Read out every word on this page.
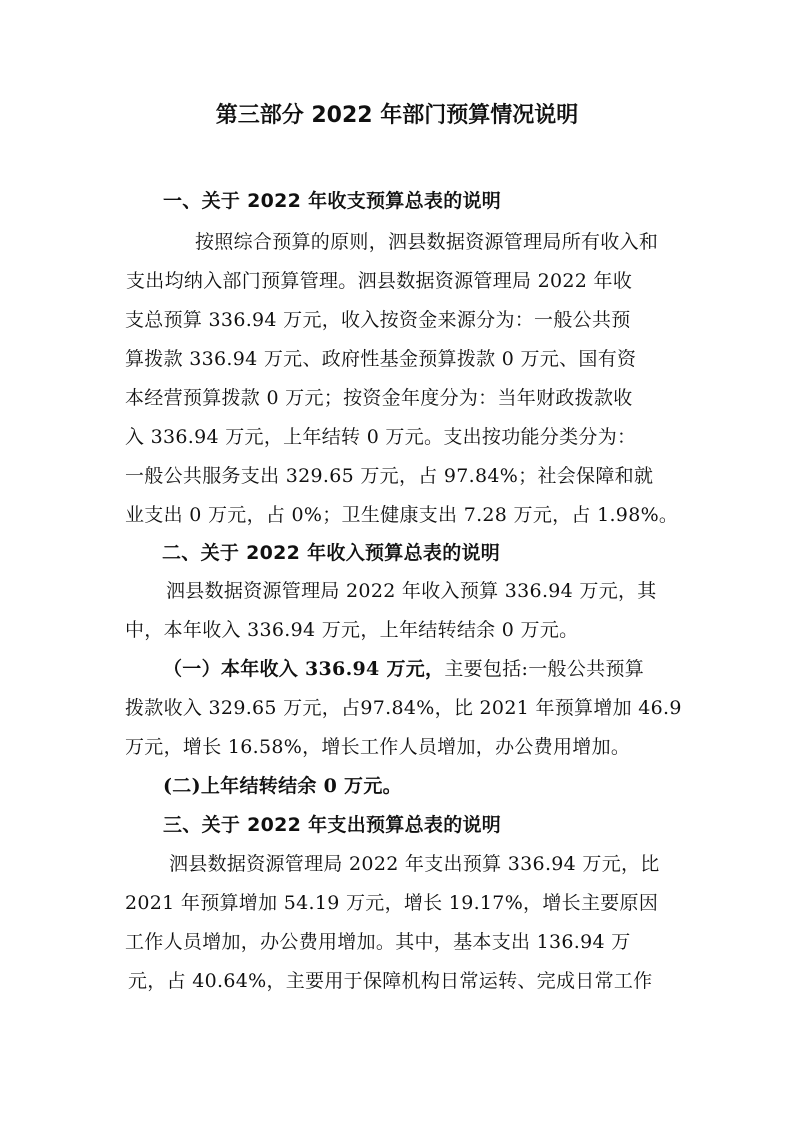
第三部分 2022 年部门预算情况说明
一、关于 2022 年收支预算总表的说明
按照综合预算的原则，泗县数据资源管理局所有收入和
支出均纳入部门预算管理。泗县数据资源管理局 2022 年收
支总预算 336.94 万元，收入按资金来源分为：一般公共预
算拨款 336.94 万元、政府性基金预算拨款 0 万元、国有资
本经营预算拨款 0 万元；按资金年度分为：当年财政拨款收
入 336.94 万元，上年结转 0 万元。支出按功能分类分为：
一般公共服务支出 329.65 万元，占 97.84%；社会保障和就
业支出 0 万元，占 0%；卫生健康支出 7.28 万元，占 1.98%。
二、关于 2022 年收入预算总表的说明
泗县数据资源管理局 2022 年收入预算 336.94 万元，其
中，本年收入 336.94 万元，上年结转结余 0 万元。
（一）本年收入 336.94 万元，主要包括:一般公共预算
拨款收入 329.65 万元，占97.84%，比 2021 年预算增加 46.9
万元，增长 16.58%，增长工作人员增加，办公费用增加。
(二)上年结转结余 0 万元。
三、关于 2022 年支出预算总表的说明
泗县数据资源管理局 2022 年支出预算 336.94 万元，比
2021 年预算增加 54.19 万元，增长 19.17%，增长主要原因
工作人员增加，办公费用增加。其中，基本支出 136.94 万
元，占 40.64%，主要用于保障机构日常运转、完成日常工作
